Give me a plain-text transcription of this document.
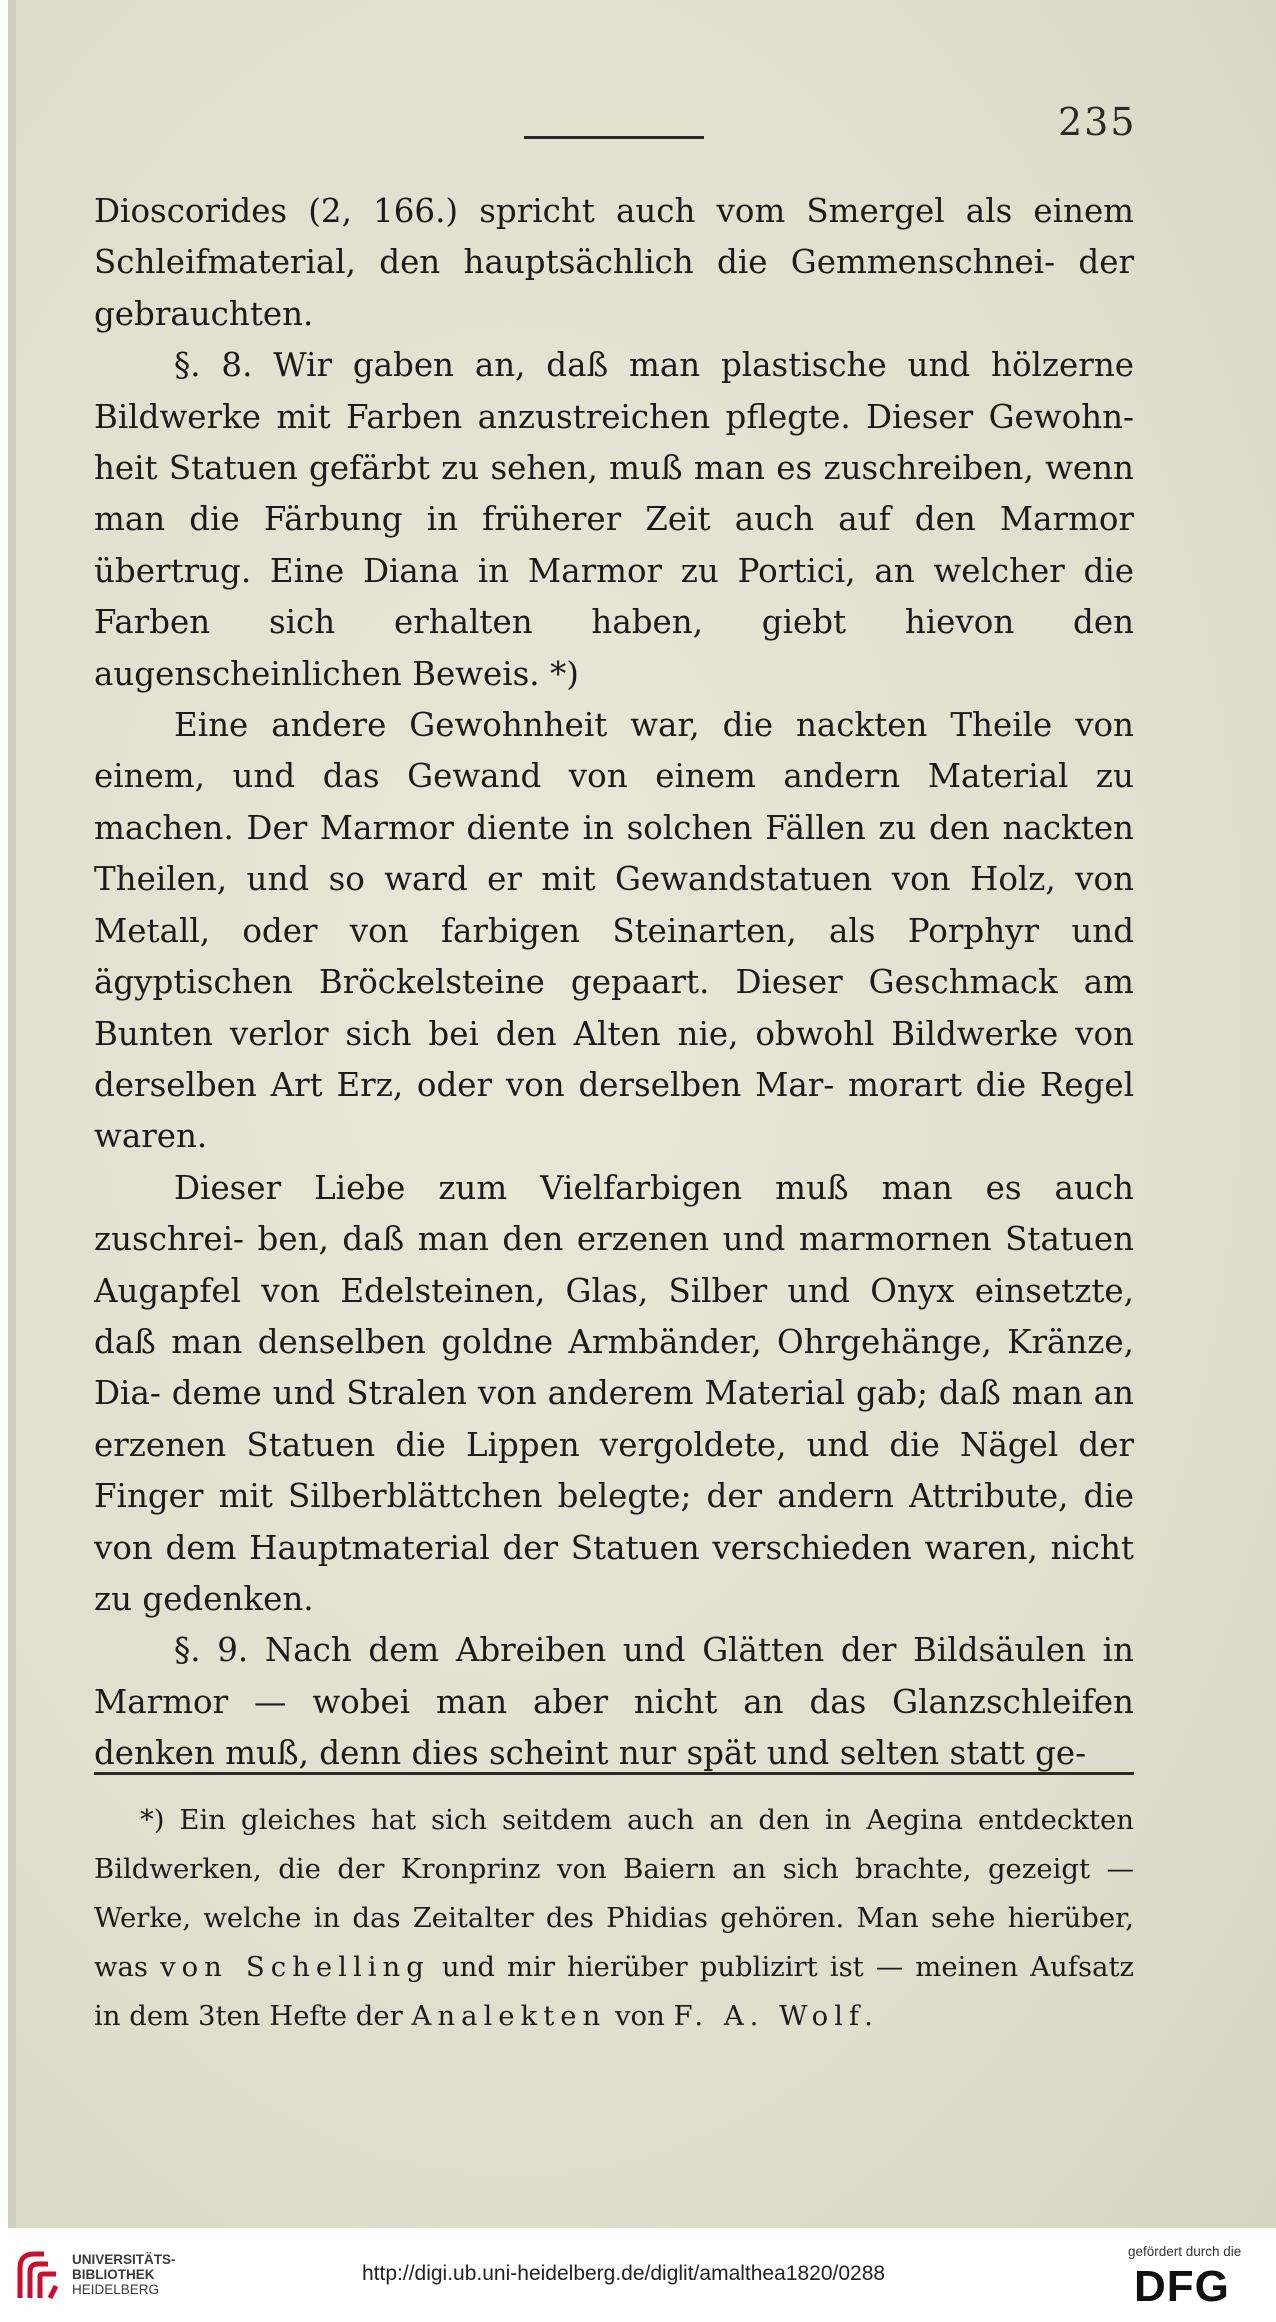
235

Dioscorides (2, 166.) spricht auch vom Smergel als einem Schleifmaterial, den hauptsächlich die Gemmenschnei- der gebrauchten.

§. 8. Wir gaben an, daß man plastische und hölzerne Bildwerke mit Farben anzustreichen pflegte. Dieser Gewohn- heit Statuen gefärbt zu sehen, muß man es zuschreiben, wenn man die Färbung in früherer Zeit auch auf den Marmor übertrug. Eine Diana in Marmor zu Portici, an welcher die Farben sich erhalten haben, giebt hievon den augenscheinlichen Beweis. *)

Eine andere Gewohnheit war, die nackten Theile von einem, und das Gewand von einem andern Material zu machen. Der Marmor diente in solchen Fällen zu den nackten Theilen, und so ward er mit Gewandstatuen von Holz, von Metall, oder von farbigen Steinarten, als Porphyr und ägyptischen Bröckelsteine gepaart. Dieser Geschmack am Bunten verlor sich bei den Alten nie, obwohl Bildwerke von derselben Art Erz, oder von derselben Mar- morart die Regel waren.

Dieser Liebe zum Vielfarbigen muß man es auch zuschrei- ben, daß man den erzenen und marmornen Statuen Augapfel von Edelsteinen, Glas, Silber und Onyx einsetzte, daß man denselben goldne Armbänder, Ohrgehänge, Kränze, Dia- deme und Stralen von anderem Material gab; daß man an erzenen Statuen die Lippen vergoldete, und die Nägel der Finger mit Silberblättchen belegte; der andern Attribute, die von dem Hauptmaterial der Statuen verschieden waren, nicht zu gedenken.

§. 9. Nach dem Abreiben und Glätten der Bildsäulen in Marmor — wobei man aber nicht an das Glanzschleifen denken muß, denn dies scheint nur spät und selten statt ge-

*) Ein gleiches hat sich seitdem auch an den in Aegina entdeckten Bildwerken, die der Kronprinz von Baiern an sich brachte, gezeigt — Werke, welche in das Zeitalter des Phidias gehören. Man sehe hierüber, was von Schelling und mir hierüber publizirt ist — meinen Aufsatz in dem 3ten Hefte der Analekten von F. A. Wolf.

UNIVERSITÄTS-
BIBLIOTHEK
HEIDELBERG
http://digi.ub.uni-heidelberg.de/diglit/amalthea1820/0288
gefördert durch die
DFG
